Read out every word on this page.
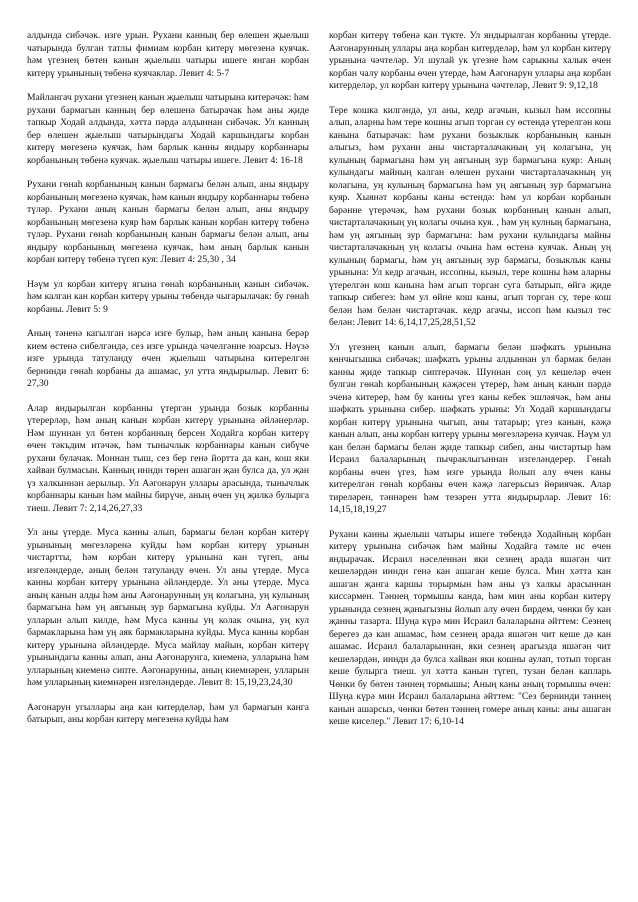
алдында сибәчәк. изге урын. Рухани канның бер өлешен җыелыш чатырында булган татлы фимиам корбан китерү мөгезенә куячак. һәм үгезнең бөтен канын җыелыш чатыры ишеге янган корбан китерү урынының төбенә куячаклар. Левит 4: 5-7

Майлангач рухани үгезнең канын җыелыш чатырына китерәчәк: һәм рухани бармагын канның бер өлешенә батырачак һәм аны җиде тапкыр Ходай алдында, хәтта пәрдә алдыннан сибәчәк. Ул канның бер өлешен җыелыш чатырындагы Ходай каршындагы корбан китерү мөгезенә куячак, һәм барлык канны яндыру корбаннары корбанының төбенә куячак. җыелыш чатыры ишеге. Левит 4: 16-18

Рухани гөнаһ корбанының канын бармагы белән алып, аны яндыру корбанының мөгезенә куячак, һәм канын яндыру корбаннары төбенә түләр. Рухани аның канын бармагы белән алып, аны яндыру корбанының мөгезенә куяр һәм барлык канын корбан китерү төбенә түләр. Рухани гөнаһ корбанының канын бармагы белән алып, аны яндыру корбанының мөгезенә куячак, һәм аның барлык канын корбан китерү төбенә түгеп куя: Левит 4: 25,30 , 34

Нәүм ул корбан китерү ягына гөнаһ корбанының канын сибәчәк. һәм калган кан корбан китерү урыны төбендә чыгарылачак: бу гөнаһ корбаны. Левит 5: 9

Аның тәненә кагылган нәрсә изге булыр, һәм аның канына берәр кием өстенә сибелгәндә, сез изге урында чәчелгәнне юарсыз. Нәүзә изге урында татуланду өчен җыелыш чатырына китерелгән бернинди гөнаһ корбаны да ашамас, ул утта яндырылыр. Левит 6: 27,30

Алар яндырылган корбанны үтергән урында бозык корбанны үтерерләр, һәм аның канын корбан китерү урынына әйләнерләр. Нәм шуннан ул бөтен корбанның берсен Ходайга корбан китерү өчен тәкъдим итәчәк, һәм тынычлык корбаннары канын сибүче рухани булачак. Моннан тыш, сез бер генә йортта да кан, кош яки хайван булмасын. Канның инндн төрен ашаган җан булса да, ул җан үз халкыннан аерылыр. Ул Аәгонарун уллары арасында, тынычлык корбаннары канын һәм майны бирүче, аның өчен уң җилкә булырга тиеш. Левит 7: 2,14,26,27,33

Ул аны үтерде. Муса канны алып, бармагы белән корбан китерү урынының мөгезләренә куйды һәм корбан китерү урынын чистартты, һәм корбан китерү урынына кан түгеп, аны изгеләндерде, аның белән татуланду өчен. Ул аны үтерде. Муса канны корбан китерү урынына әйләндерде. Ул аны үтерде. Муса аның канын алды һәм аны Аәгонарунның уң колагына, уң кулының бармагына һәм уң аягының зур бармагына куйды. Ул Аәгонарун улларын алып килде, һәм Муса канны уң колак очына, уң кул бармакларына һәм уң аяк бармакларына куйды. Муса канны корбан китерү урынына әйләндерде. Муса майлау майын, корбан китерү урынындагы канны алып, аны Аәгонарунга, киеменә, улларына һәм улларының киеменә сипте. Аәгонарунны, аның киемнәрен, улларын һәм улларының киемнәрен изгеләндерде. Левит 8: 15,19,23,24,30

Аәгонарун угыллары аңа кан китерделәр, һәм ул бармагын канга батырып, аны корбан китерү мөгезенә куйды һәм

корбан китерү төбенә кан түкте. Ул яндырылган корбанны үтерде. Аәгонарунның уллары аңа корбан китерделәр, һәм ул корбан китерү урынына чәчтеләр. Ул шулай ук үгезне һәм сарыкны халык өчен корбан чалу корбаны өчен үтерде, һәм Аәгонарун уллары аңа корбан китерделәр, ул корбан китерү урынына чәчтеләр, Левит 9: 9,12,18

Тере кошка килгәндә, ул аны, кедр агачын, кызыл һәм иссопны алып, аларны һәм тере кошны агып торган су өстендә үтерелгән кош канына батырачак: һәм рухани бозыклык корбанының канын алыгыз, һәм рухани аны чистарталачакның уң колагына, уң кулының бармагына һәм уң аягының зур бармагына куяр: Аның кулындагы майның калган өлешен рухани чистарталачакның уң колагына, уң кулының бармагына һәм уң аягының зур бармагына куяр. Хыянәт корбаны каны өстендә: һәм ул корбан корбанын бәрәнне үтерәчәк, һәм рухани бозык корбанның канын алып, чистарталачакның уң колагы очына куя. , һәм уң кулның бармагына, һәм уң аягының зур бармагына: һәм рухани кулындагы майны чистарталачакның уң колагы очына һәм өстенә куячак. Аның уң кулының бармагы, һәм уң аягының зур бармагы, бозыклык каны урынына: Ул кедр агачын, иссопны, кызыл, тере кошны һәм аларны үтерелгән кош канына һәм агып торган суга батырып, өйгә җиде тапкыр сибегез: һәм ул өйне кош каны, агып торган су, тере кош белән һәм белән чистартачак. кедр агачы, иссоп һәм кызыл төс белән: Левит 14: 6,14,17,25,28,51,52

Ул үгезнең канын алып, бармагы белән шәфкать урынына көнчыгышка сибәчәк; шәфкать урыны алдыннан ул бармак белән канны җиде тапкыр сиптерәчәк. Шуннан соң ул кешеләр өчен булган гөнаһ корбанының кәҗәсен үтерер, һәм аның канын пәрдә эченә китерер, һәм бу канны үгез каны кебек эшләячәк, һәм аны шәфкать урынына сибер. шәфкать урыны: Ул Ходай каршындагы корбан китерү урынына чыгып, аны татарыр; үгез канын, кәҗә канын алып, аны корбан китерү урыны мөгезләренә куячак. Нәүм ул кан белән бармагы белән җиде тапкыр сибеп, аны чистартыр һәм Исраил балаларының пычраклыгыннан изгеләндерер. Гөнаһ корбаны өчен үгез, һәм изге урында йолып алу өчен каны китерелгән гөнаһ корбаны өчен кәҗә лагерьсыз йөриячәк. Алар тиреләрен, тәннәрен һәм тезәрен утта яндырырлар. Левит 16: 14,15,18,19,27

Рухани канны җыелыш чатыры ишеге төбендә Ходайның корбан китерү урынына сибәчәк һәм майны Ходайга тәмле ис өчен яндырачак. Исраил нәселеннән яки сезнең арада яшәгән чит кешеләрдән инндн генә кан ашаган кеше булса. Мин хәтта кан ашаган җанга каршы торырмын һәм аны үз халкы арасыннан киссәрмен. Тәннең тормышы канда, һәм мин аны корбан китерү урынында сезнең җаныгызны йолып алу өчен бирдем, чөнки бу кан җанны тазарта. Шуңа күрә мин Исраил балаларына әйттем: Сезнең берегез дә кан ашамас, һәм сезнең арада яшәгән чит кеше дә кан ашамас. Исраил балаларыннан, яки сезнең арагызда яшәгән чит кешеләрдән, инндн дә булса хайван яки кошны аулап, тотып торган кеше булырга тиеш. ул хәтта канын түгеп, тузан белән капларь Чөнки бу бөтен тәннең тормышы; Аның каны аның тормышы өчен: Шуңа күрә мин Исраил балаларына әйттем: "Сез бернинди тәннең канын ашарсыз, чөнки бөтен тәннең гомере аның каны: аны ашаган кеше киселер." Левит 17: 6,10-14
